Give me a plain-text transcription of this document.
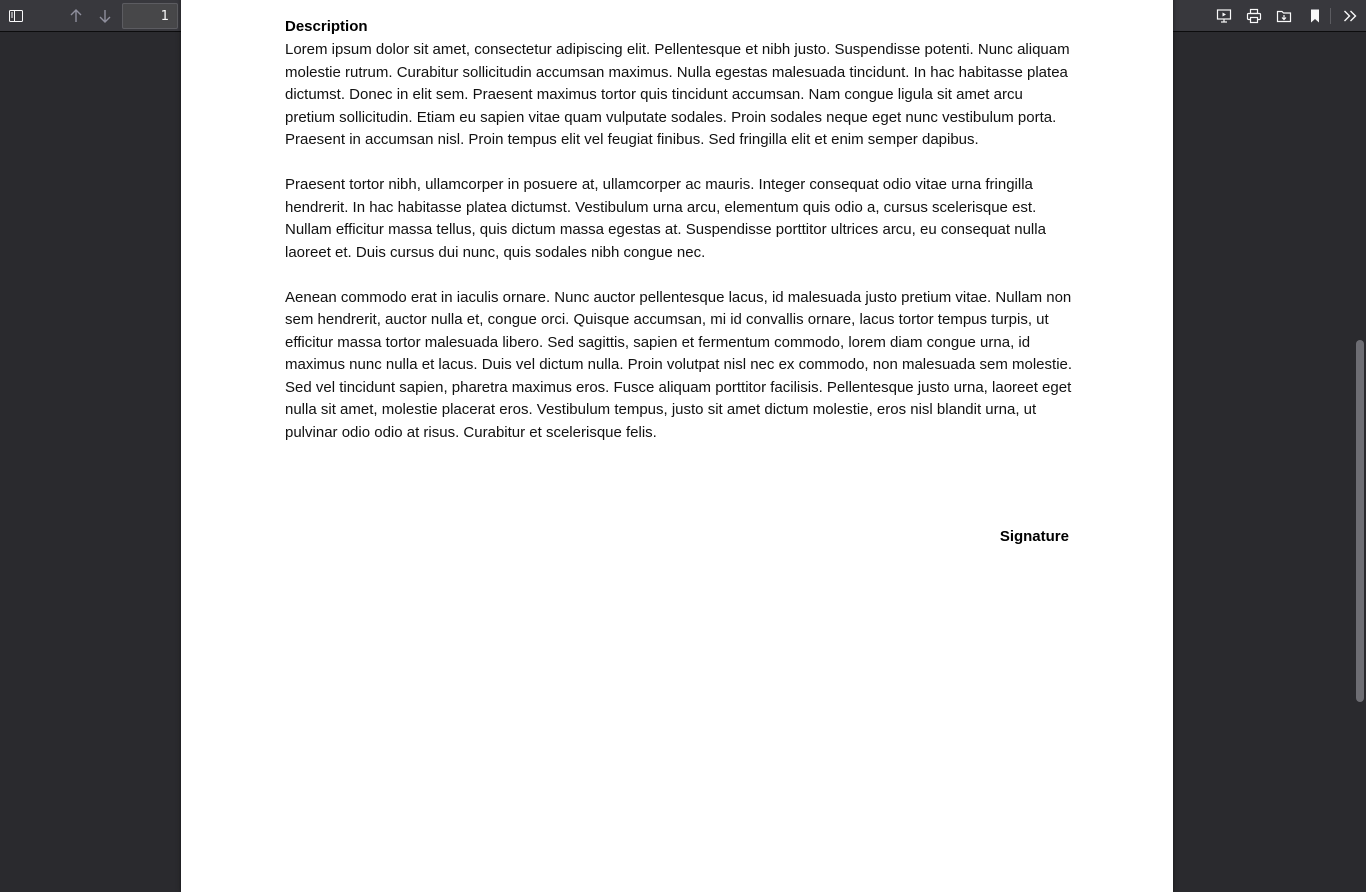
1
Description

Lorem ipsum dolor sit amet, consectetur adipiscing elit. Pellentesque et nibh justo. Suspendisse potenti. Nunc aliquam molestie rutrum. Curabitur sollicitudin accumsan maximus. Nulla egestas malesuada tincidunt. In hac habitasse platea dictumst. Donec in elit sem. Praesent maximus tortor quis tincidunt accumsan. Nam congue ligula sit amet arcu pretium sollicitudin. Etiam eu sapien vitae quam vulputate sodales. Proin sodales neque eget nunc vestibulum porta. Praesent in accumsan nisl. Proin tempus elit vel feugiat finibus. Sed fringilla elit et enim semper dapibus.

Praesent tortor nibh, ullamcorper in posuere at, ullamcorper ac mauris. Integer consequat odio vitae urna fringilla hendrerit. In hac habitasse platea dictumst. Vestibulum urna arcu, elementum quis odio a, cursus scelerisque est. Nullam efficitur massa tellus, quis dictum massa egestas at. Suspendisse porttitor ultrices arcu, eu consequat nulla laoreet et. Duis cursus dui nunc, quis sodales nibh congue nec.

Aenean commodo erat in iaculis ornare. Nunc auctor pellentesque lacus, id malesuada justo pretium vitae. Nullam non sem hendrerit, auctor nulla et, congue orci. Quisque accumsan, mi id convallis ornare, lacus tortor tempus turpis, ut efficitur massa tortor malesuada libero. Sed sagittis, sapien et fermentum commodo, lorem diam congue urna, id maximus nunc nulla et lacus. Duis vel dictum nulla. Proin volutpat nisl nec ex commodo, non malesuada sem molestie. Sed vel tincidunt sapien, pharetra maximus eros. Fusce aliquam porttitor facilisis. Pellentesque justo urna, laoreet eget nulla sit amet, molestie placerat eros. Vestibulum tempus, justo sit amet dictum molestie, eros nisl blandit urna, ut pulvinar odio odio at risus. Curabitur et scelerisque felis.

Signature
